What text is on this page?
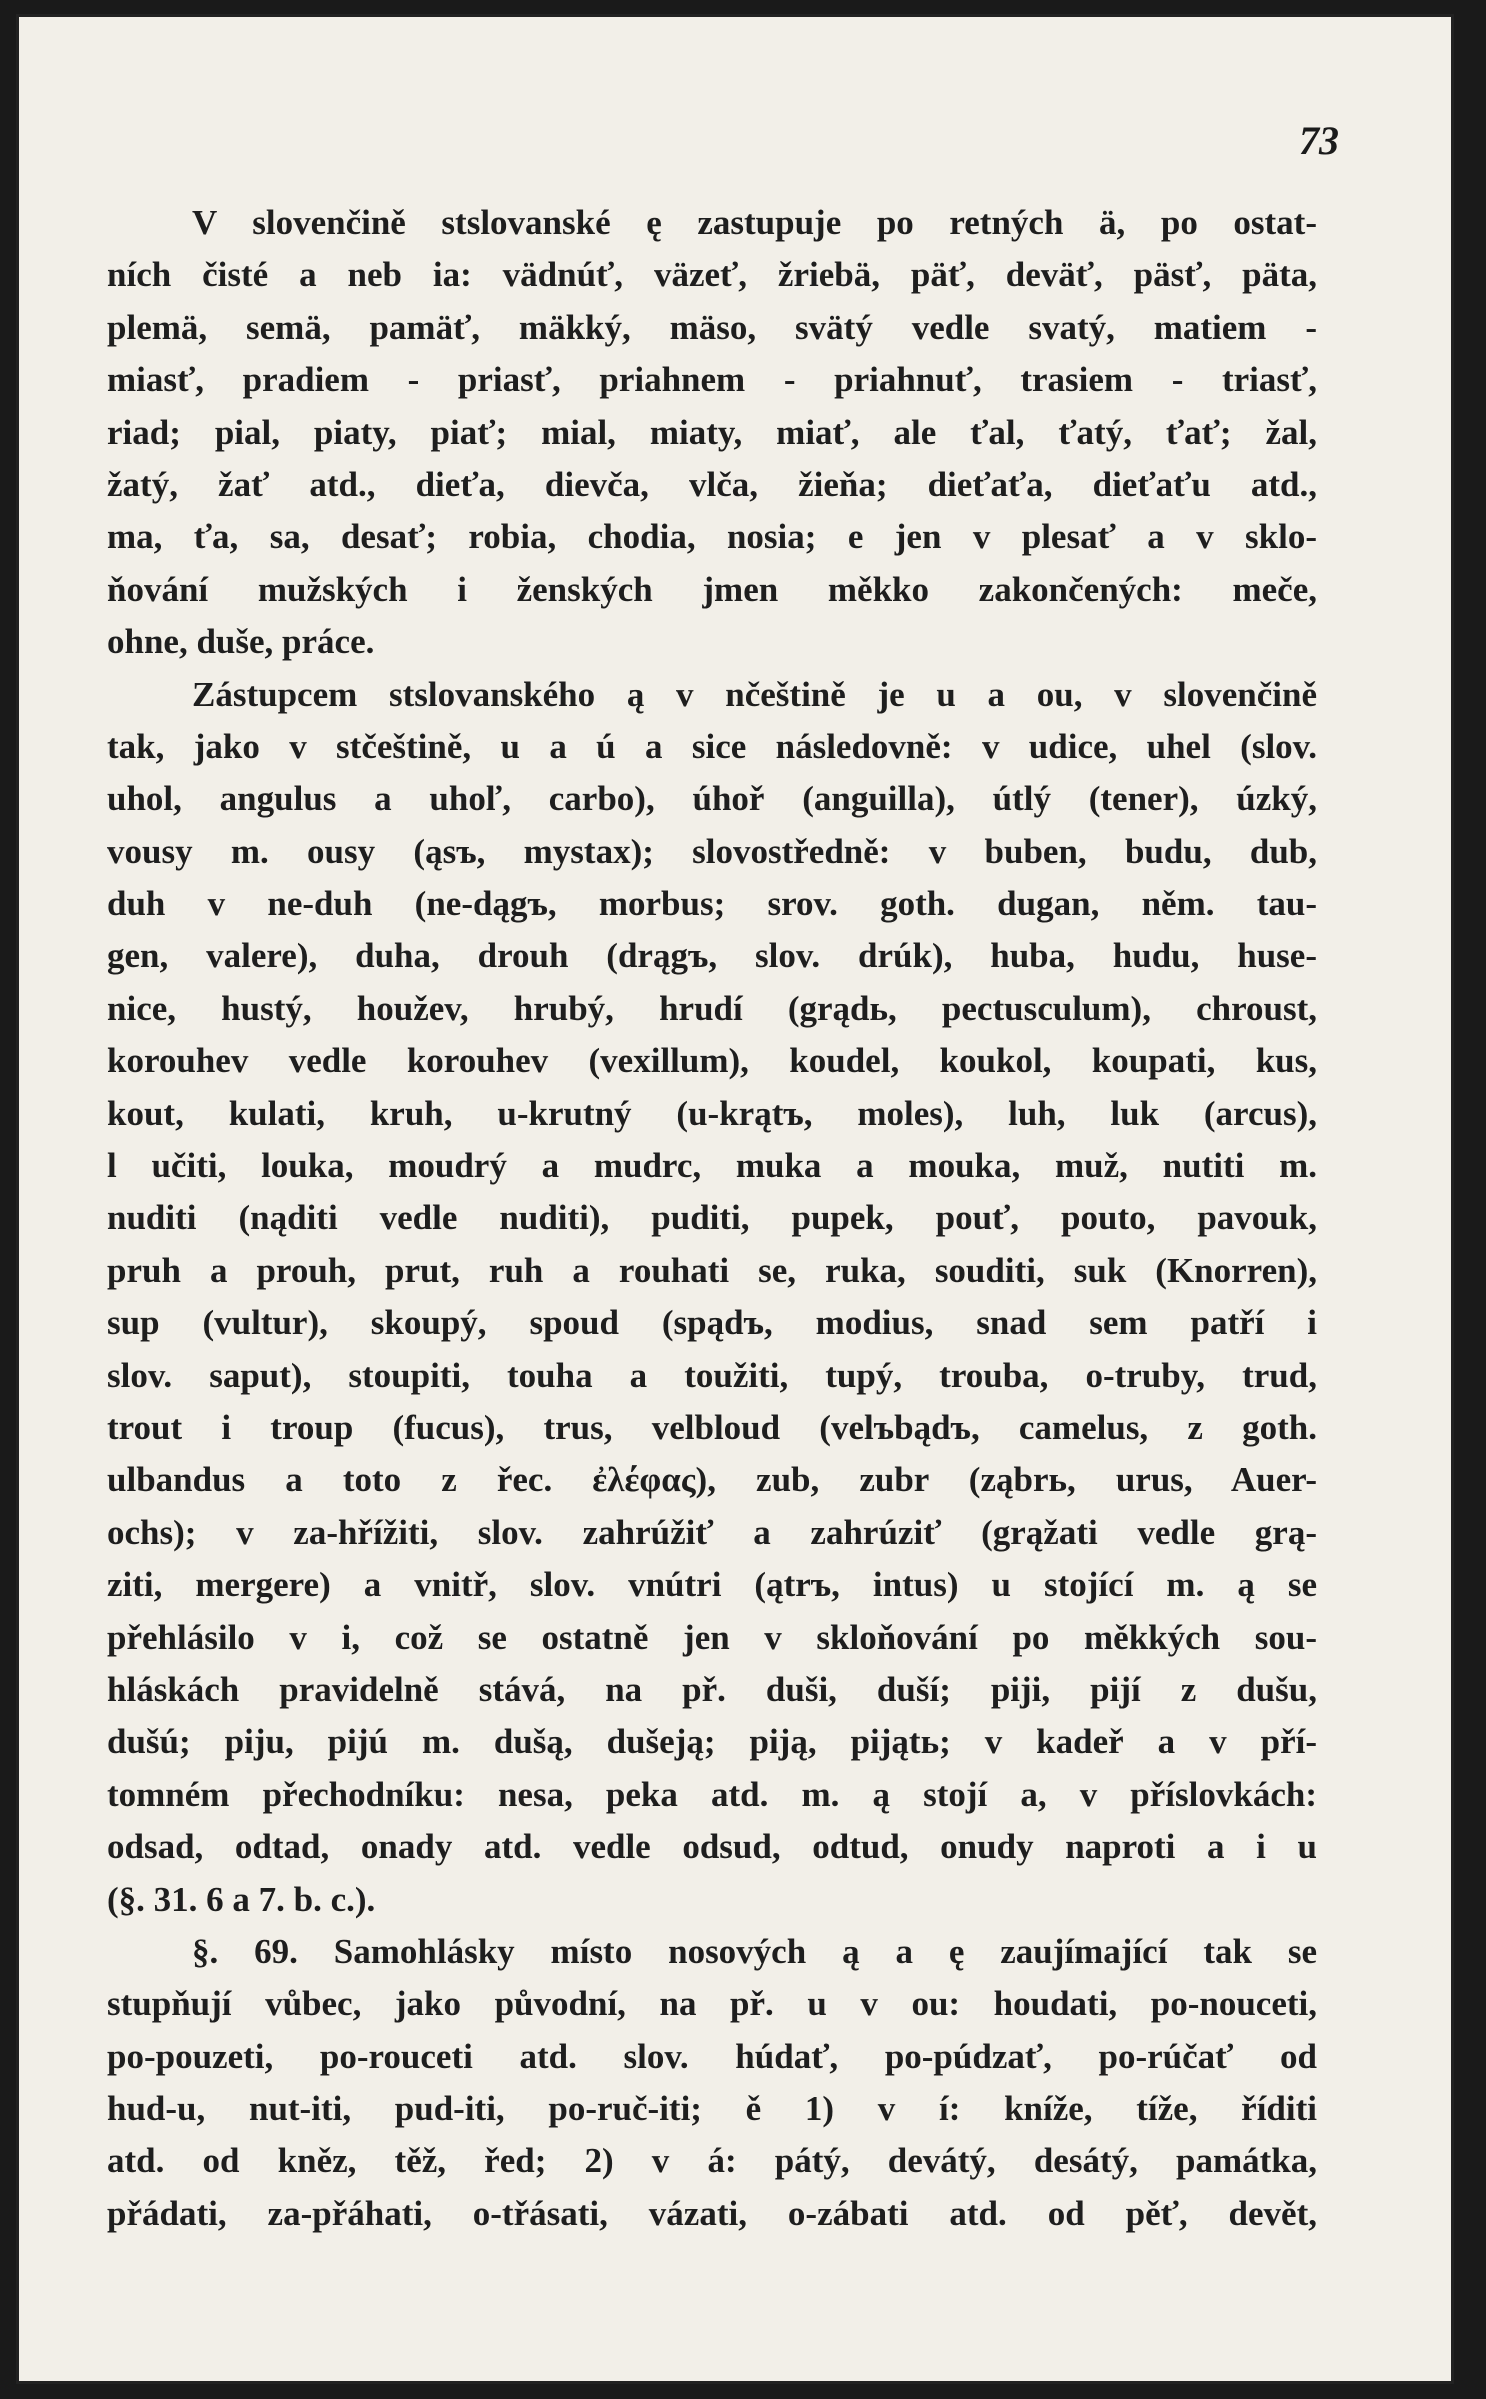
73
V slovenčině stslovanské ę zastupuje po retných ä, po ostat-
ních čisté a neb ia: vädnúť, väzeť, žriebä, päť, deväť, päsť, päta,
plemä, semä, pamäť, mäkký, mäso, svätý vedle svatý, matiem -
miasť, pradiem - priasť, priahnem - priahnuť, trasiem - triasť,
riad; pial, piaty, piať; mial, miaty, miať, ale ťal, ťatý, ťať; žal,
žatý, žať atd., dieťa, dievča, vlča, žieňa; dieťaťa, dieťaťu atd.,
ma, ťa, sa, desať; robia, chodia, nosia; e jen v plesať a v sklo-
ňování mužských i ženských jmen měkko zakončených: meče,
ohne, duše, práce.
Zástupcem stslovanského ą v nčeštině je u a ou, v slovenčině
tak, jako v stčeštině, u a ú a sice následovně: v udice, uhel (slov.
uhol, angulus a uhoľ, carbo), úhoř (anguilla), útlý (tener), úzký,
vousy m. ousy (ąsъ, mystax); slovostředně: v buben, budu, dub,
duh v ne-duh (ne-dągъ, morbus; srov. goth. dugan, něm. tau-
gen, valere), duha, drouh (drągъ, slov. drúk), huba, hudu, huse-
nice, hustý, houžev, hrubý, hrudí (grądь, pectusculum), chroust,
korouhev vedle korouhev (vexillum), koudel, koukol, koupati, kus,
kout, kulati, kruh, u-krutný (u-krątъ, moles), luh, luk (arcus),
l učiti, louka, moudrý a mudrc, muka a mouka, muž, nutiti m.
nuditi (nąditi vedle nuditi), puditi, pupek, pouť, pouto, pavouk,
pruh a prouh, prut, ruh a rouhati se, ruka, souditi, suk (Knorren),
sup (vultur), skoupý, spoud (spądъ, modius, snad sem patří i
slov. saput), stoupiti, touha a toužiti, tupý, trouba, o-truby, trud,
trout i troup (fucus), trus, velbloud (velъbądъ, camelus, z goth.
ulbandus a toto z řec. ἐλέφας), zub, zubr (ząbrь, urus, Auer-
ochs); v za-hřížiti, slov. zahrúžiť a zahrúziť (grąžati vedle grą-
ziti, mergere) a vnitř, slov. vnútri (ątrъ, intus) u stojící m. ą se
přehlásilo v i, což se ostatně jen v skloňování po měkkých sou-
hláskách pravidelně stává, na př. duši, duší; piji, pijí z dušu,
dušú; piju, pijú m. dušą, dušeją; piją, pijątь; v kadeř a v pří-
tomném přechodníku: nesa, peka atd. m. ą stojí a, v příslovkách:
odsad, odtad, onady atd. vedle odsud, odtud, onudy naproti a i u
(§. 31. 6 a 7. b. c.).
§. 69. Samohlásky místo nosových ą a ę zaujímající tak se
stupňují vůbec, jako původní, na př. u v ou: houdati, po-nouceti,
po-pouzeti, po-rouceti atd. slov. húdať, po-púdzať, po-rúčať od
hud-u, nut-iti, pud-iti, po-ruč-iti; ě 1) v í: kníže, tíže, říditi
atd. od kněz, těž, řed; 2) v á: pátý, devátý, desátý, památka,
přádati, za-přáhati, o-třásati, vázati, o-zábati atd. od pěť, devět,
